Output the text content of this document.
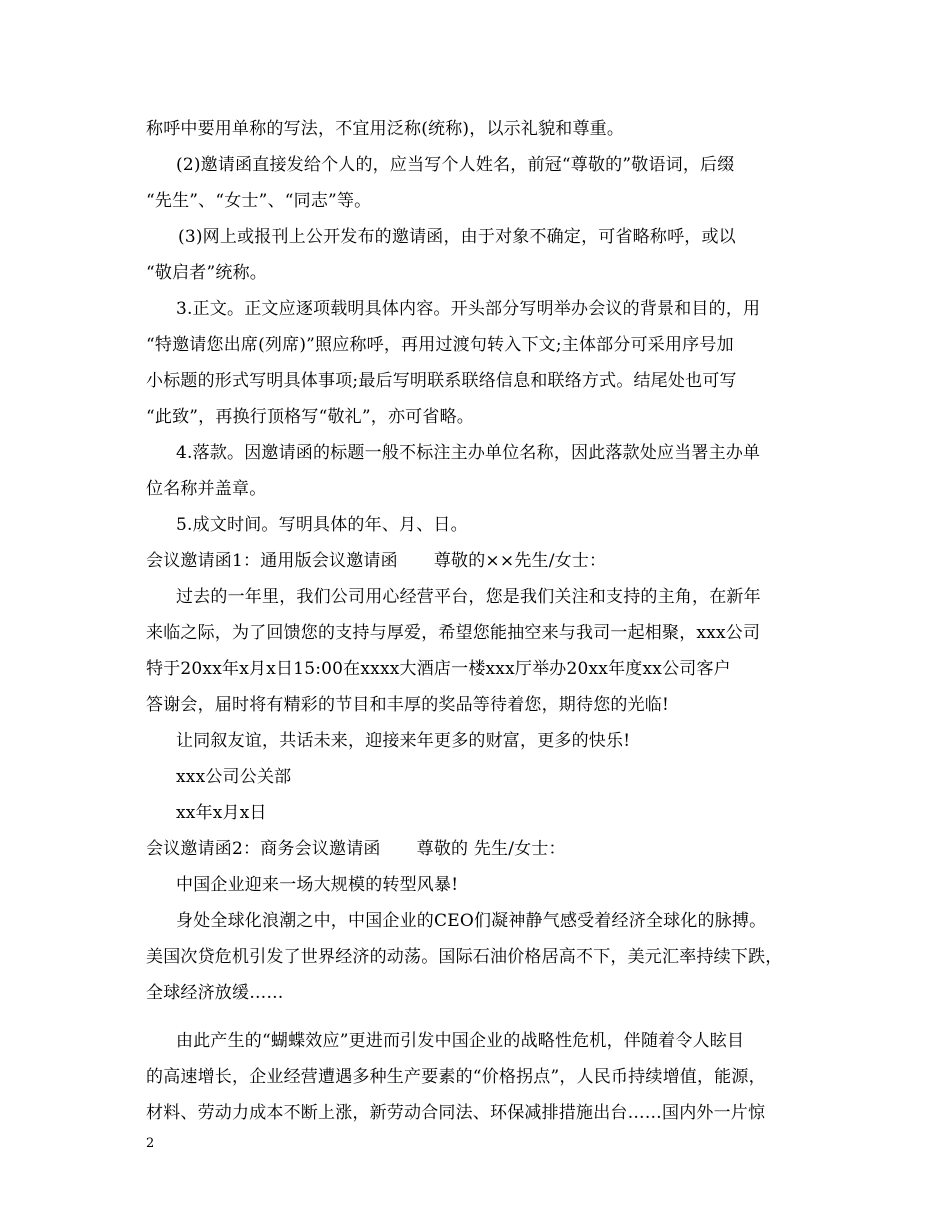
称呼中要用单称的写法，不宜用泛称(统称)，以示礼貌和尊重。
(2)邀请函直接发给个人的，应当写个人姓名，前冠“尊敬的”敬语词，后缀
“先生”、“女士”、“同志”等。
(3)网上或报刊上公开发布的邀请函，由于对象不确定，可省略称呼，或以
“敬启者”统称。
3.正文。正文应逐项载明具体内容。开头部分写明举办会议的背景和目的，用
“特邀请您出席(列席)”照应称呼，再用过渡句转入下文;主体部分可采用序号加
小标题的形式写明具体事项;最后写明联系联络信息和联络方式。结尾处也可写
“此致”，再换行顶格写“敬礼”，亦可省略。
4.落款。因邀请函的标题一般不标注主办单位名称，因此落款处应当署主办单
位名称并盖章。
5.成文时间。写明具体的年、月、日。
会议邀请函1：通用版会议邀请函 尊敬的××先生/女士：
过去的一年里，我们公司用心经营平台，您是我们关注和支持的主角，在新年
来临之际，为了回馈您的支持与厚爱，希望您能抽空来与我司一起相聚，xxx公司
特于20xx年x月x日15:00在xxxx大酒店一楼xxx厅举办20xx年度xx公司客户
答谢会，届时将有精彩的节目和丰厚的奖品等待着您，期待您的光临!
让同叙友谊，共话未来，迎接来年更多的财富，更多的快乐!
xxx公司公关部
xx年x月x日
会议邀请函2：商务会议邀请函 尊敬的 先生/女士：
中国企业迎来一场大规模的转型风暴!
身处全球化浪潮之中，中国企业的CEO们凝神静气感受着经济全球化的脉搏。
美国次贷危机引发了世界经济的动荡。国际石油价格居高不下，美元汇率持续下跌，
全球经济放缓……
由此产生的“蝴蝶效应”更进而引发中国企业的战略性危机，伴随着令人眩目
的高速增长，企业经营遭遇多种生产要素的“价格拐点”，人民币持续增值，能源，
材料、劳动力成本不断上涨，新劳动合同法、环保减排措施出台……国内外一片惊
2
